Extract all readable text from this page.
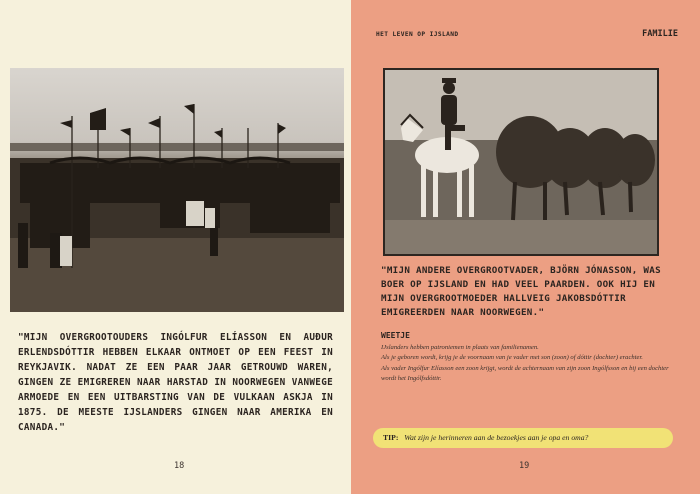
"MIJN OVERGROOTOUDERS INGÓLFUR ELÍASSON EN AUÐUR ERLENDSDÓTTIR HEBBEN ELKAAR ONTMOET OP EEN FEEST IN REYKJAVIK. NADAT ZE EEN PAAR JAAR GETROUWD WAREN, GINGEN ZE EMIGREREN NAAR HARSTAD IN NOORWEGEN VANWEGE ARMOEDE EN EEN UITBARSTING VAN DE VULKAAN ASKJA IN 1875. DE MEESTE IJSLANDERS GINGEN NAAR AMERIKA EN CANADA."
18
HET LEVEN OP IJSLAND	FAMILIE
"MIJN ANDERE OVERGROOTVADER, BJÖRN JÓNASSON, WAS BOER OP IJSLAND EN HAD VEEL PAARDEN. OOK HIJ EN MIJN OVERGROOTMOEDER HALLVEIG JAKOBSDÓTTIR EMIGREERDEN NAAR NOORWEGEN."
WEETJE
IJslanders hebben patroniemen in plaats van familienamen.
Als je geboren wordt, krijg je de voornaam van je vader met son (zoon) of dóttir (dochter) erachter.
Als vader Ingólfur Elíasson een zoon krijgt, wordt de achternaam van zijn zoon Ingólfsson en bij een dochter wordt het Ingólfsdóttir.
TIP: Wat zijn je herinneren aan de bezoekjes aan je opa en oma?
19
